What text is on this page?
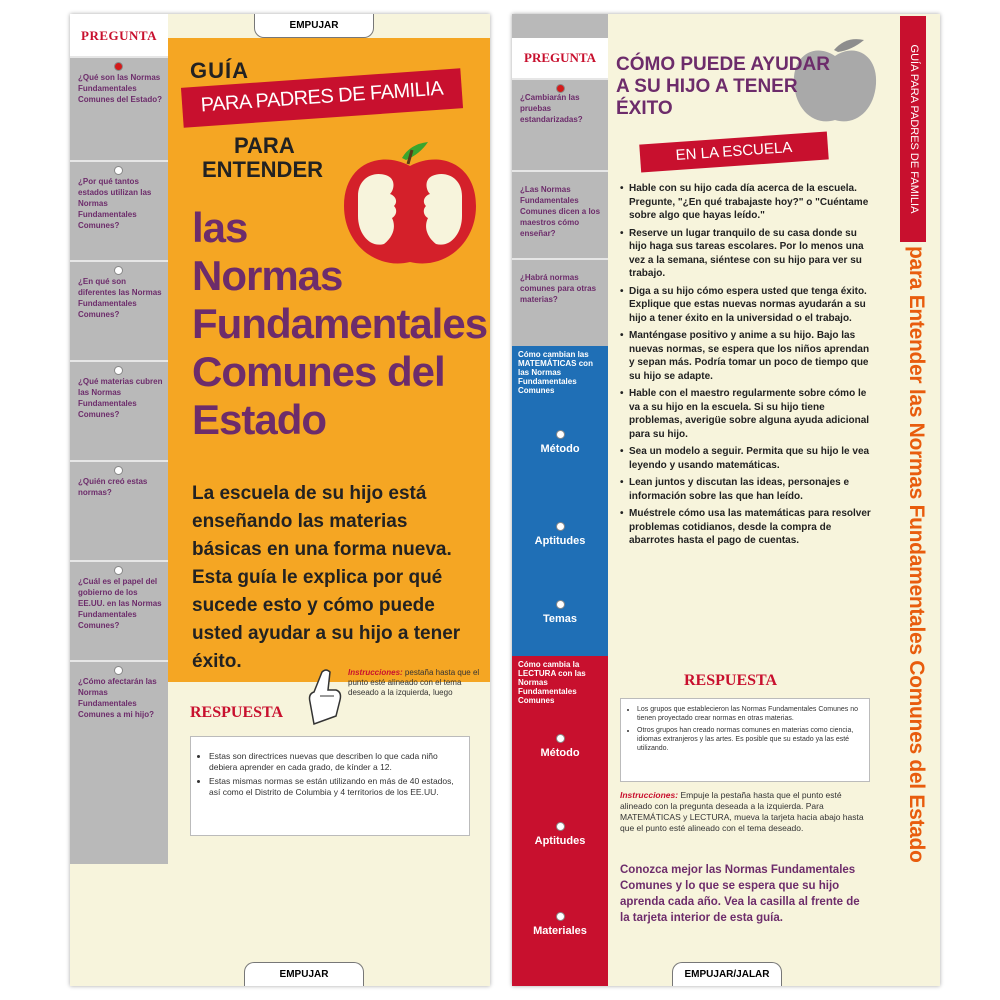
PREGUNTA
¿Qué son las Normas Fundamentales Comunes del Estado?
¿Por qué tantos estados utilizan las Normas Fundamentales Comunes?
¿En qué son diferentes las Normas Fundamentales Comunes?
¿Qué materias cubren las Normas Fundamentales Comunes?
¿Quién creó estas normas?
¿Cuál es el papel del gobierno de los EE.UU. en las Normas Fundamentales Comunes?
¿Cómo afectarán las Normas Fundamentales Comunes a mi hijo?
EMPUJAR
GUÍA
PARA PADRES DE FAMILIA
PARA
ENTENDER
las
Normas
Fundamentales
Comunes del
Estado
La escuela de su hijo está enseñando las materias básicas en una forma nueva. Esta guía le explica por qué sucede esto y cómo puede usted ayudar a su hijo a tener éxito.
Instrucciones: pestaña hasta que el punto esté alineado con el tema deseado a la izquierda, luego
RESPUESTA
• Estas son directrices nuevas que describen lo que cada niño debiera aprender en cada grado, de kínder a 12.
• Estas mismas normas se están utilizando en más de 40 estados, así como el Distrito de Columbia y 4 territorios de los EE.UU.
EMPUJAR
PREGUNTA
¿Cambiarán las pruebas estandarizadas?
¿Las Normas Fundamentales Comunes dicen a los maestros cómo enseñar?
¿Habrá normas comunes para otras materias?
Cómo cambian las MATEMÁTICAS con las Normas Fundamentales Comunes
Método
Aptitudes
Temas
Cómo cambia la LECTURA con las Normas Fundamentales Comunes
Método
Aptitudes
Materiales
CÓMO PUEDE AYUDAR A SU HIJO A TENER ÉXITO
EN LA ESCUELA
• Hable con su hijo cada día acerca de la escuela. Pregunte, "¿En qué trabajaste hoy?" o "Cuéntame sobre algo que hayas leído."
• Reserve un lugar tranquilo de su casa donde su hijo haga sus tareas escolares. Por lo menos una vez a la semana, siéntese con su hijo para ver su trabajo.
• Diga a su hijo cómo espera usted que tenga éxito. Explique que estas nuevas normas ayudarán a su hijo a tener éxito en la universidad o el trabajo.
• Manténgase positivo y anime a su hijo. Bajo las nuevas normas, se espera que los niños aprendan y sepan más. Podría tomar un poco de tiempo que su hijo se adapte.
• Hable con el maestro regularmente sobre cómo le va a su hijo en la escuela. Si su hijo tiene problemas, averigüe sobre alguna ayuda adicional para su hijo.
• Sea un modelo a seguir. Permita que su hijo le vea leyendo y usando matemáticas.
• Lean juntos y discutan las ideas, personajes e información sobre las que han leído.
• Muéstrele cómo usa las matemáticas para resolver problemas cotidianos, desde la compra de abarrotes hasta el pago de cuentas.
RESPUESTA
• Los grupos que establecieron las Normas Fundamentales Comunes no tienen proyectado crear normas en otras materias.
• Otros grupos han creado normas comunes en materias como ciencia, idiomas extranjeros y las artes. Es posible que su estado ya las esté utilizando.
Instrucciones: Empuje la pestaña hasta que el punto esté alineado con la pregunta deseada a la izquierda. Para MATEMÁTICAS y LECTURA, mueva la tarjeta hacia abajo hasta que el punto esté alineado con el tema deseado.
Conozca mejor las Normas Fundamentales Comunes y lo que se espera que su hijo aprenda cada año. Vea la casilla al frente de la tarjeta interior de esta guía.
GUÍA PARA PADRES DE FAMILIA
para Entender las Normas Fundamentales Comunes del Estado
EMPUJAR/JALAR
